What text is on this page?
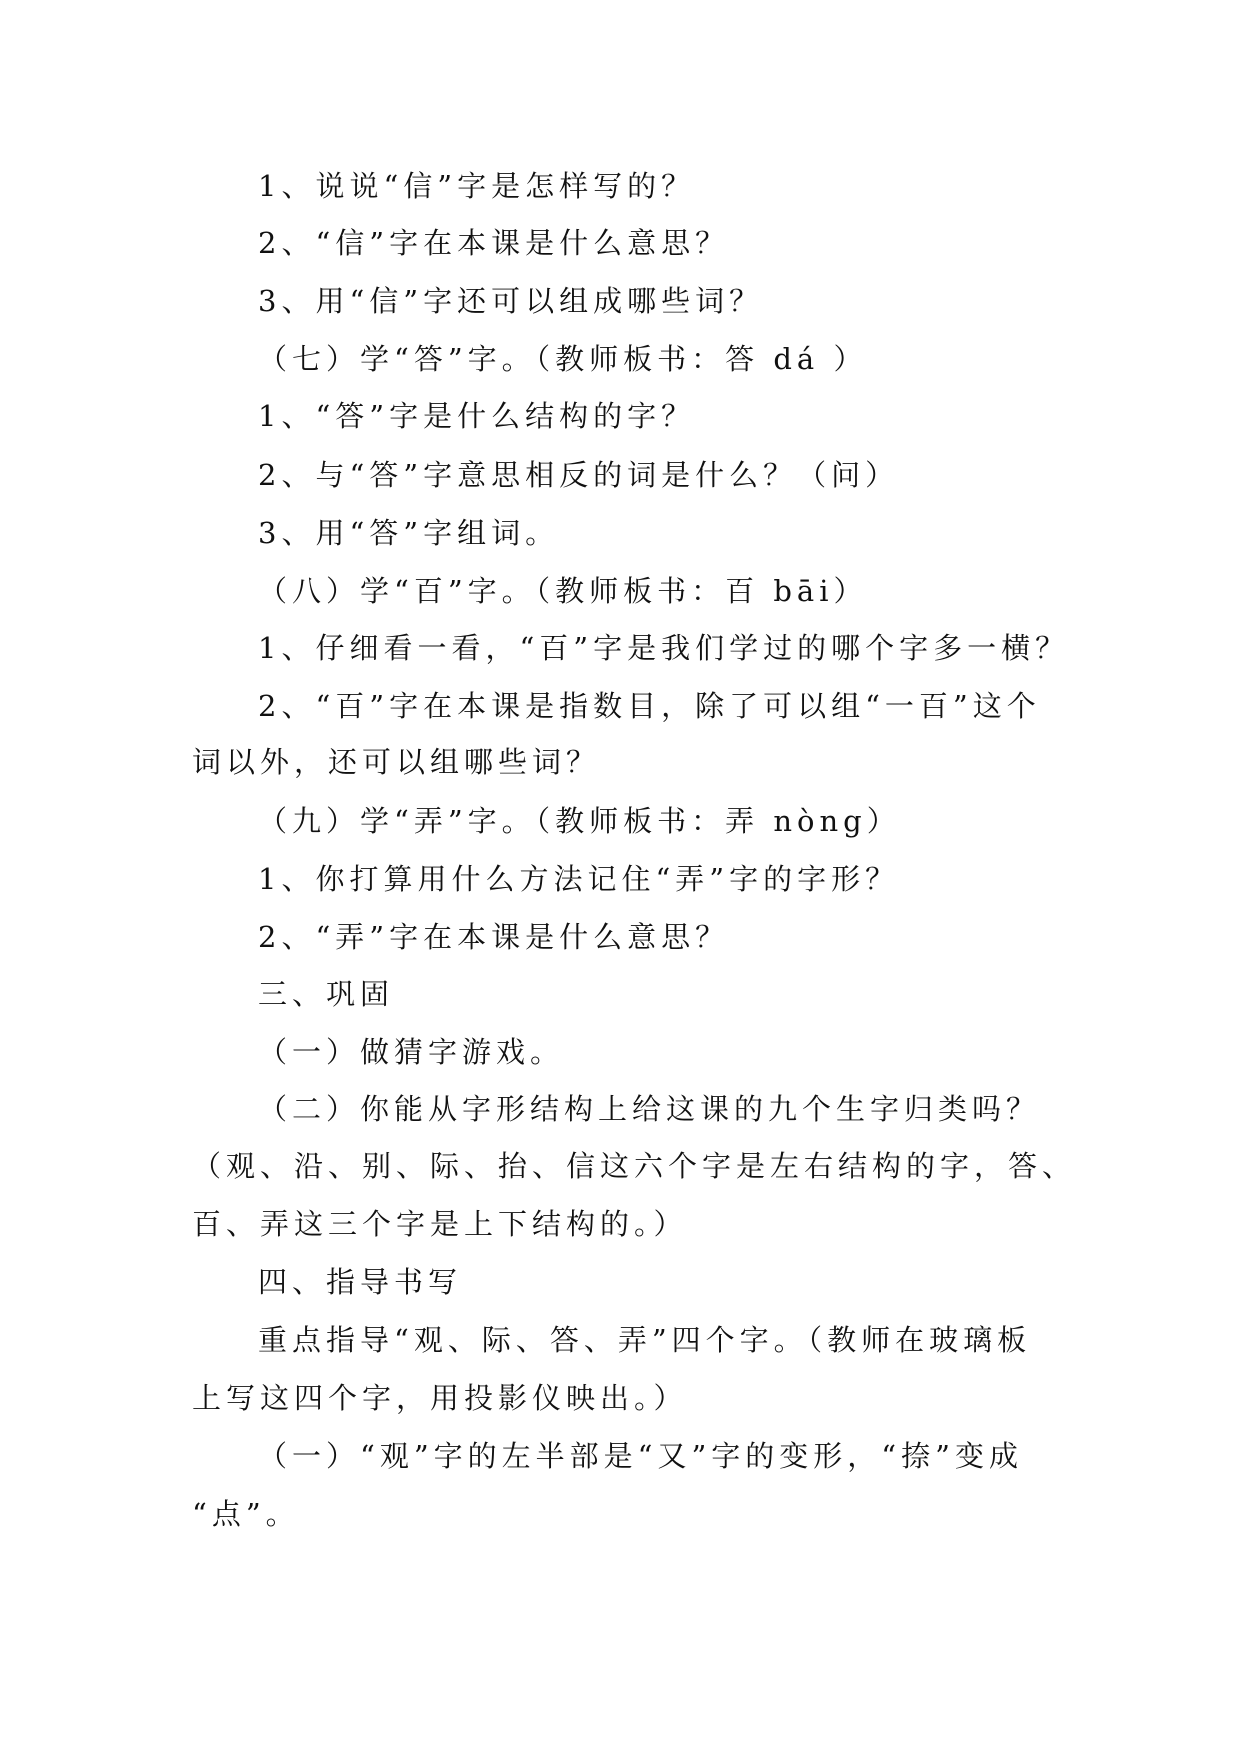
1、说说“信”字是怎样写的？
2、“信”字在本课是什么意思？
3、用“信”字还可以组成哪些词？
（七）学“答”字。（教师板书：答 dá ）
1、“答”字是什么结构的字？
2、与“答”字意思相反的词是什么？（问）
3、用“答”字组词。
（八）学“百”字。（教师板书：百 bāi）
1、仔细看一看，“百”字是我们学过的哪个字多一横？
2、“百”字在本课是指数目，除了可以组“一百”这个
词以外，还可以组哪些词？
（九）学“弄”字。（教师板书：弄 nòng）
1、你打算用什么方法记住“弄”字的字形？
2、“弄”字在本课是什么意思？
三、巩固
（一）做猜字游戏。
（二）你能从字形结构上给这课的九个生字归类吗？
（观、沿、别、际、抬、信这六个字是左右结构的字，答、
百、弄这三个字是上下结构的。）
四、指导书写
重点指导“观、际、答、弄”四个字。（教师在玻璃板
上写这四个字，用投影仪映出。）
（一）“观”字的左半部是“又”字的变形，“捺”变成
“点”。
